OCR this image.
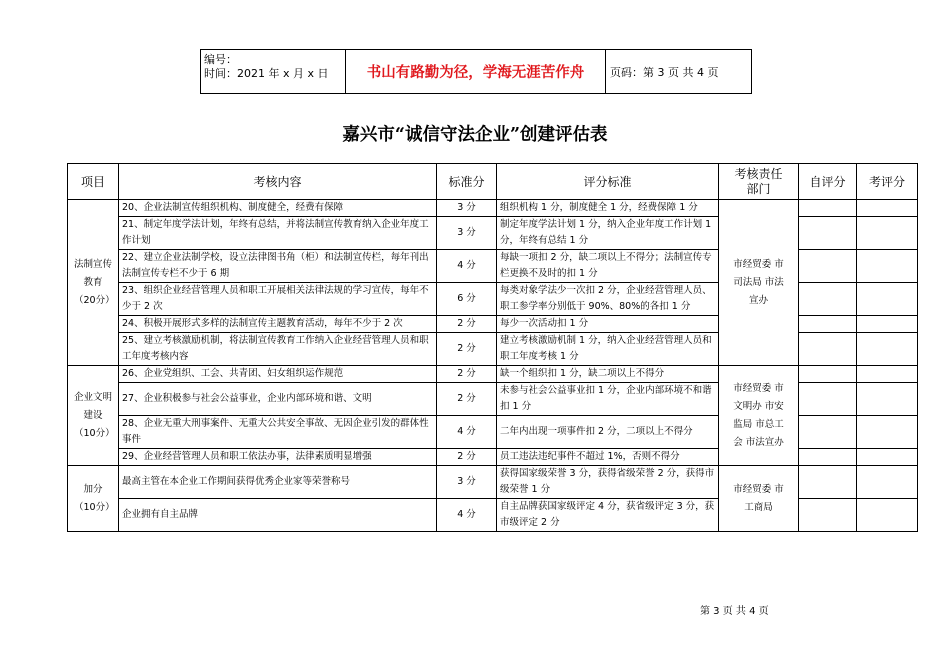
编号：
时间：2021 年 x 月 x 日	书山有路勤为径，学海无涯苦作舟	页码：第 3 页 共 4 页
嘉兴市“诚信守法企业”创建评估表
项目	考核内容	标准分	评分标准	考核责任部门	自评分	考评分
法制宣传教育（20分）	20、企业法制宣传组织机构、制度健全，经费有保障	3 分	组织机构 1 分，制度健全 1 分，经费保障 1 分	市经贸委 市司法局 市法宣办		
	21、制定年度学法计划，年终有总结，并将法制宣传教育纳入企业年度工作计划	3 分	制定年度学法计划 1 分，纳入企业年度工作计划 1 分，年终有总结 1 分			
	22、建立企业法制学校，设立法律图书角（柜）和法制宣传栏，每年刊出法制宣传专栏不少于 6 期	4 分	每缺一项扣 2 分，缺二项以上不得分；法制宣传专栏更换不及时的扣 1 分			
	23、组织企业经营管理人员和职工开展相关法律法规的学习宣传，每年不少于 2 次	6 分	每类对象学法少一次扣 2 分，企业经营管理人员、职工参学率分别低于 90%、80%的各扣 1 分			
	24、积极开展形式多样的法制宣传主题教育活动，每年不少于 2 次	2 分	每少一次活动扣 1 分			
	25、建立考核激励机制，将法制宣传教育工作纳入企业经营管理人员和职工年度考核内容	2 分	建立考核激励机制 1 分，纳入企业经营管理人员和职工年度考核 1 分			
企业文明建设（10分）	26、企业党组织、工会、共青团、妇女组织运作规范	2 分	缺一个组织扣 1 分，缺二项以上不得分	市经贸委 市文明办 市安监局 市总工会 市法宣办		
	27、企业积极参与社会公益事业，企业内部环境和谐、文明	2 分	未参与社会公益事业扣 1 分，企业内部环境不和谐扣 1 分			
	28、企业无重大刑事案件、无重大公共安全事故、无因企业引发的群体性事件	4 分	二年内出现一项事件扣 2 分，二项以上不得分			
	29、企业经营管理人员和职工依法办事，法律素质明显增强	2 分	员工违法违纪事件不超过 1%，否则不得分			
加分（10分）	最高主管在本企业工作期间获得优秀企业家等荣誉称号	3 分	获得国家级荣誉 3 分，获得省级荣誉 2 分，获得市级荣誉 1 分	市经贸委 市工商局		
	企业拥有自主品牌	4 分	自主品牌获国家级评定 4 分，获省级评定 3 分，获市级评定 2 分			
第 3 页 共 4 页
